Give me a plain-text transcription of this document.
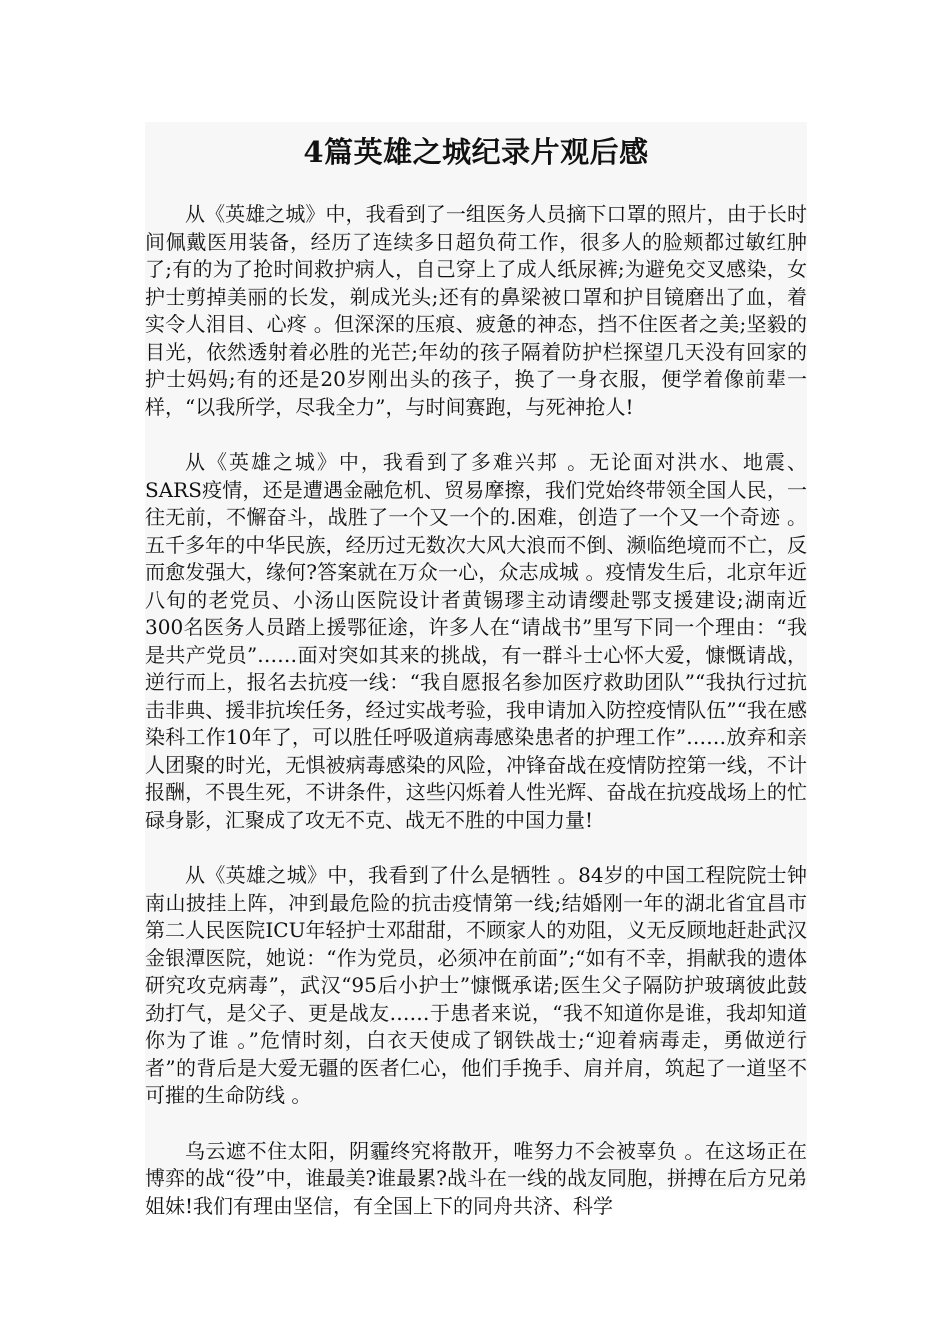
4篇英雄之城纪录片观后感

从《英雄之城》中，我看到了一组医务人员摘下口罩的照片，由于长时间佩戴医用装备，经历了连续多日超负荷工作，很多人的脸颊都过敏红肿了;有的为了抢时间救护病人，自己穿上了成人纸尿裤;为避免交叉感染，女护士剪掉美丽的长发，剃成光头;还有的鼻梁被口罩和护目镜磨出了血，着实令人泪目、心疼 。但深深的压痕、疲惫的神态，挡不住医者之美;坚毅的目光，依然透射着必胜的光芒;年幼的孩子隔着防护栏探望几天没有回家的护士妈妈;有的还是20岁刚出头的孩子，换了一身衣服，便学着像前辈一样，“以我所学，尽我全力”，与时间赛跑，与死神抢人!

从《英雄之城》中，我看到了多难兴邦 。无论面对洪水、地震、SARS疫情，还是遭遇金融危机、贸易摩擦，我们党始终带领全国人民，一往无前，不懈奋斗，战胜了一个又一个的.困难，创造了一个又一个奇迹 。五千多年的中华民族，经历过无数次大风大浪而不倒、濒临绝境而不亡，反而愈发强大，缘何?答案就在万众一心，众志成城 。疫情发生后，北京年近八旬的老党员、小汤山医院设计者黄锡璆主动请缨赴鄂支援建设;湖南近300名医务人员踏上援鄂征途，许多人在“请战书”里写下同一个理由：“我是共产党员”……面对突如其来的挑战，有一群斗士心怀大爱，慷慨请战，逆行而上，报名去抗疫一线：“我自愿报名参加医疗救助团队”“我执行过抗击非典、援非抗埃任务，经过实战考验，我申请加入防控疫情队伍”“我在感染科工作10年了，可以胜任呼吸道病毒感染患者的护理工作”……放弃和亲人团聚的时光，无惧被病毒感染的风险，冲锋奋战在疫情防控第一线，不计报酬，不畏生死，不讲条件，这些闪烁着人性光辉、奋战在抗疫战场上的忙碌身影，汇聚成了攻无不克、战无不胜的中国力量!

从《英雄之城》中，我看到了什么是牺牲 。84岁的中国工程院院士钟南山披挂上阵，冲到最危险的抗击疫情第一线;结婚刚一年的湖北省宜昌市第二人民医院ICU年轻护士邓甜甜，不顾家人的劝阻，义无反顾地赶赴武汉金银潭医院，她说：“作为党员，必须冲在前面”;“如有不幸，捐献我的遗体研究攻克病毒”，武汉“95后小护士”慷慨承诺;医生父子隔防护玻璃彼此鼓劲打气，是父子、更是战友……于患者来说，“我不知道你是谁，我却知道你为了谁 。”危情时刻，白衣天使成了钢铁战士;“迎着病毒走，勇做逆行者”的背后是大爱无疆的医者仁心，他们手挽手、肩并肩，筑起了一道坚不可摧的生命防线 。

乌云遮不住太阳，阴霾终究将散开，唯努力不会被辜负 。在这场正在博弈的战“役”中，谁最美?谁最累?战斗在一线的战友同胞，拼搏在后方兄弟姐妹!我们有理由坚信，有全国上下的同舟共济、科学
